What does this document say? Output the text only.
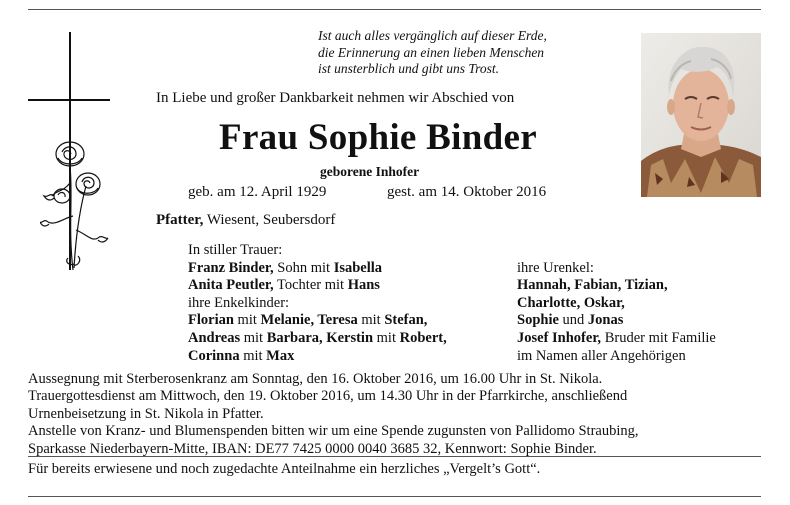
Ist auch alles vergänglich auf dieser Erde,
die Erinnerung an einen lieben Menschen
ist unsterblich und gibt uns Trost.
In Liebe und großer Dankbarkeit nehmen wir Abschied von
Frau Sophie Binder
geborene Inhofer
geb. am 12. April 1929	gest. am 14. Oktober 2016
Pfatter, Wiesent, Seubersdorf
In stiller Trauer:
Franz Binder, Sohn mit Isabella
Anita Peutler, Tochter mit Hans
ihre Enkelkinder:
Florian mit Melanie, Teresa mit Stefan,
Andreas mit Barbara, Kerstin mit Robert,
Corinna mit Max
ihre Urenkel:
Hannah, Fabian, Tizian,
Charlotte, Oskar,
Sophie und Jonas
Josef Inhofer, Bruder mit Familie
im Namen aller Angehörigen
Aussegnung mit Sterberosenkranz am Sonntag, den 16. Oktober 2016, um 16.00 Uhr in St. Nikola.
Trauergottesdienst am Mittwoch, den 19. Oktober 2016, um 14.30 Uhr in der Pfarrkirche, anschließend
Urnenbeisetzung in St. Nikola in Pfatter.
Anstelle von Kranz- und Blumenspenden bitten wir um eine Spende zugunsten von Pallidomo Straubing,
Sparkasse Niederbayern-Mitte, IBAN: DE77 7425 0000 0040 3685 32, Kennwort: Sophie Binder.
Für bereits erwiesene und noch zugedachte Anteilnahme ein herzliches „Vergelt’s Gott“.
